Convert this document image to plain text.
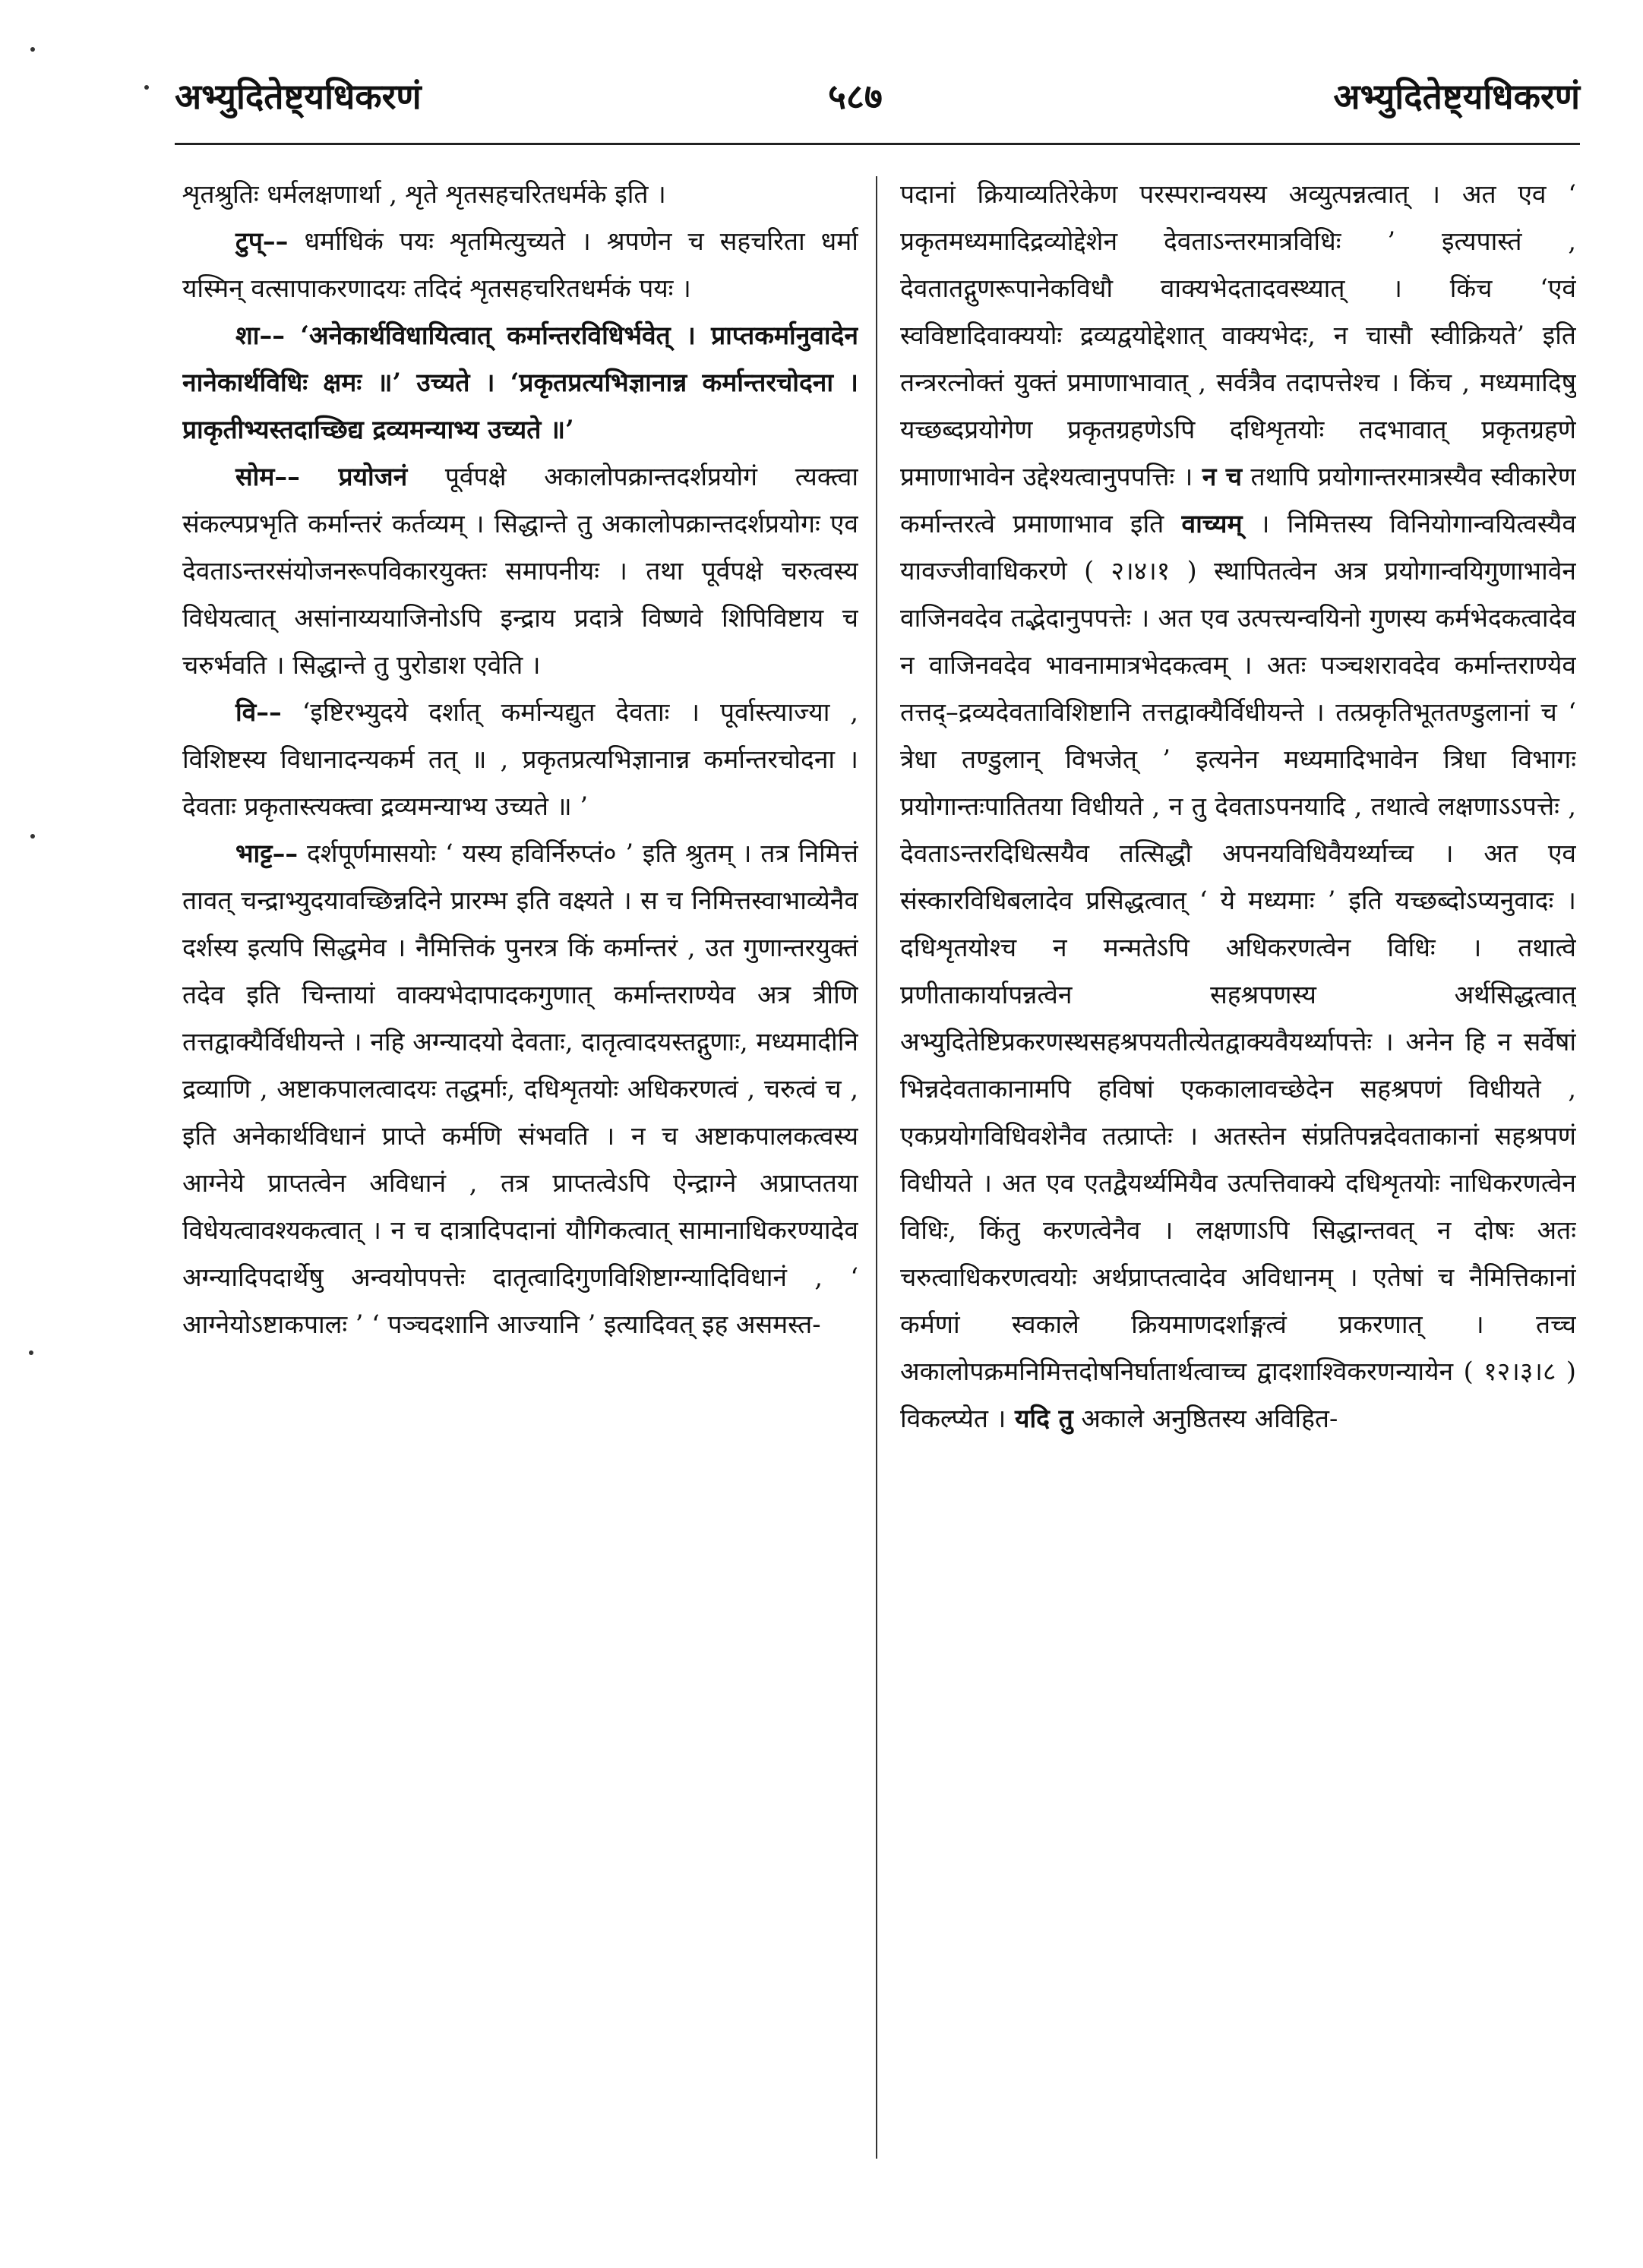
अभ्युदितेष्ट्यधिकरणं	५८७	अभ्युदितेष्ट्यधिकरणं

शृतश्रुतिः धर्मलक्षणार्था , शृते शृतसहचरितधर्मके इति ।

टुप्–– धर्माधिकं पयः शृतमित्युच्यते । श्रपणेन च सहचरिता धर्मा यस्मिन् वत्सापाकरणादयः तदिदं शृतसहचरितधर्मकं पयः ।

शा–– ‘अनेकार्थविधायित्वात् कर्मान्तरविधिर्भवेत् । प्राप्तकर्मानुवादेन नानेकार्थविधिः क्षमः ॥’ उच्यते । ‘प्रकृतप्रत्यभिज्ञानान्न कर्मान्तरचोदना । प्राकृतीभ्यस्तदाच्छिद्य द्रव्यमन्याभ्य उच्यते ॥’

सोम–– प्रयोजनं पूर्वपक्षे अकालोपक्रान्तदर्शप्रयोगं त्यक्त्वा संकल्पप्रभृति कर्मान्तरं कर्तव्यम् । सिद्धान्ते तु अकालोपक्रान्तदर्शप्रयोगः एव देवताऽन्तरसंयोजनरूपविकारयुक्तः समापनीयः । तथा पूर्वपक्षे चरुत्वस्य विधेयत्वात् असांनाय्ययाजिनोऽपि इन्द्राय प्रदात्रे विष्णवे शिपिविष्टाय च चरुर्भवति । सिद्धान्ते तु पुरोडाश एवेति ।

वि–– ‘इष्टिरभ्युदये दर्शात् कर्मान्यद्युत देवताः । पूर्वास्त्याज्या , विशिष्टस्य विधानादन्यकर्म तत् ॥ , प्रकृतप्रत्यभिज्ञानान्न कर्मान्तरचोदना । देवताः प्रकृतास्त्यक्त्वा द्रव्यमन्याभ्य उच्यते ॥ ’

भाट्ट–– दर्शपूर्णमासयोः ‘ यस्य हविर्निरुप्तं० ’ इति श्रुतम् । तत्र निमित्तं तावत् चन्द्राभ्युदयावच्छिन्नदिने प्रारम्भ इति वक्ष्यते । स च निमित्तस्वाभाव्येनैव दर्शस्य इत्यपि सिद्धमेव । नैमित्तिकं पुनरत्र किं कर्मान्तरं , उत गुणान्तरयुक्तं तदेव इति चिन्तायां वाक्यभेदापादकगुणात् कर्मान्तराण्येव अत्र त्रीणि तत्तद्वाक्यैर्विधीयन्ते । नहि अग्न्यादयो देवताः, दातृत्वादयस्तद्गुणाः, मध्यमादीनि द्रव्याणि , अष्टाकपालत्वादयः तद्धर्माः, दधिशृतयोः अधिकरणत्वं , चरुत्वं च , इति अनेकार्थविधानं प्राप्ते कर्मणि संभवति । न च अष्टाकपालकत्वस्य आग्नेये प्राप्तत्वेन अविधानं , तत्र प्राप्तत्वेऽपि ऐन्द्राग्ने अप्राप्ततया विधेयत्वावश्यकत्वात् । न च दात्रादिपदानां यौगिकत्वात् सामानाधिकरण्यादेव अग्न्यादिपदार्थेषु अन्वयोपपत्तेः दातृत्वादिगुणविशिष्टाग्न्यादिविधानं , ‘ आग्नेयोऽष्टाकपालः ’ ‘ पञ्चदशानि आज्यानि ’ इत्यादिवत् इह असमस्त-

पदानां क्रियाव्यतिरेकेण परस्परान्वयस्य अव्युत्पन्नत्वात् । अत एव ‘ प्रकृतमध्यमादिद्रव्योद्देशेन देवताऽन्तरमात्रविधिः ’ इत्यपास्तं , देवतातद्गुणरूपानेकविधौ वाक्यभेदतादवस्थ्यात् । किंच ‘एवं स्वविष्टादिवाक्ययोः द्रव्यद्वयोद्देशात् वाक्यभेदः, न चासौ स्वीक्रियते’ इति तन्त्ररत्नोक्तं युक्तं प्रमाणाभावात् , सर्वत्रैव तदापत्तेश्च । किंच , मध्यमादिषु यच्छब्दप्रयोगेण प्रकृतग्रहणेऽपि दधिशृतयोः तदभावात् प्रकृतग्रहणे प्रमाणाभावेन उद्देश्यत्वानुपपत्तिः । न च तथापि प्रयोगान्तरमात्रस्यैव स्वीकारेण कर्मान्तरत्वे प्रमाणाभाव इति वाच्यम् । निमित्तस्य विनियोगान्वयित्वस्यैव यावज्जीवाधिकरणे ( २।४।१ ) स्थापितत्वेन अत्र प्रयोगान्वयिगुणाभावेन वाजिनवदेव तद्भेदानुपपत्तेः । अत एव उत्पत्त्यन्वयिनो गुणस्य कर्मभेदकत्वादेव न वाजिनवदेव भावनामात्रभेदकत्वम् । अतः पञ्चशरावदेव कर्मान्तराण्येव तत्तद्–द्रव्यदेवताविशिष्टानि तत्तद्वाक्यैर्विधीयन्ते । तत्प्रकृतिभूततण्डुलानां च ‘ त्रेधा तण्डुलान् विभजेत् ’ इत्यनेन मध्यमादिभावेन त्रिधा विभागः प्रयोगान्तःपातितया विधीयते , न तु देवताऽपनयादि , तथात्वे लक्षणाऽऽपत्तेः , देवताऽन्तरदिधित्सयैव तत्सिद्धौ अपनयविधिवैयर्थ्याच्च । अत एव संस्कारविधिबलादेव प्रसिद्धत्वात् ‘ ये मध्यमाः ’ इति यच्छब्दोऽप्यनुवादः । दधिशृतयोश्च न मन्मतेऽपि अधिकरणत्वेन विधिः । तथात्वे प्रणीताकार्यापन्नत्वेन सहश्रपणस्य अर्थसिद्धत्वात् अभ्युदितेष्टिप्रकरणस्थसहश्रपयतीत्येतद्वाक्यवैयर्थ्यापत्तेः । अनेन हि न सर्वेषां भिन्नदेवताकानामपि हविषां एककालावच्छेदेन सहश्रपणं विधीयते , एकप्रयोगविधिवशेनैव तत्प्राप्तेः । अतस्तेन संप्रतिपन्नदेवताकानां सहश्रपणं विधीयते । अत एव एतद्वैयर्थ्यमियैव उत्पत्तिवाक्ये दधिशृतयोः नाधिकरणत्वेन विधिः, किंतु करणत्वेनैव । लक्षणाऽपि सिद्धान्तवत् न दोषः अतः चरुत्वाधिकरणत्वयोः अर्थप्राप्तत्वादेव अविधानम् । एतेषां च नैमित्तिकानां कर्मणां स्वकाले क्रियमाणदर्शाङ्गत्वं प्रकरणात् । तच्च अकालोपक्रमनिमित्तदोषनिर्घातार्थत्वाच्च द्वादशाश्विकरणन्यायेन ( १२।३।८ ) विकल्प्येत । यदि तु अकाले अनुष्ठितस्य अविहित-
